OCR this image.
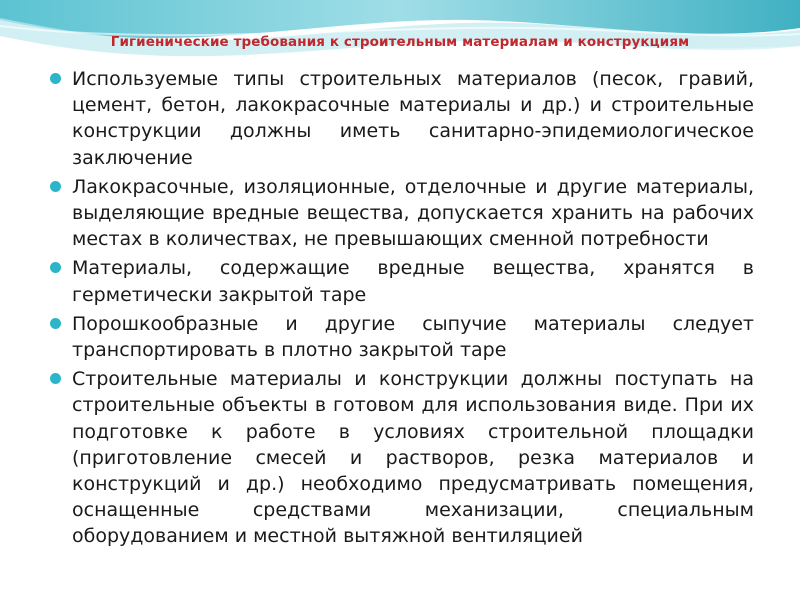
Гигиенические требования к строительным материалам и конструкциям
Используемые типы строительных материалов (песок, гравий, цемент, бетон, лакокрасочные материалы и др.) и строительные конструкции должны иметь санитарно-эпидемиологическое заключение
Лакокрасочные, изоляционные, отделочные и другие материалы, выделяющие вредные вещества, допускается хранить на рабочих местах в количествах, не превышающих сменной потребности
Материалы, содержащие вредные вещества, хранятся в герметически закрытой таре
Порошкообразные и другие сыпучие материалы следует транспортировать в плотно закрытой таре
Строительные материалы и конструкции должны поступать на строительные объекты в готовом для использования виде. При их подготовке к работе в условиях строительной площадки (приготовление смесей и растворов, резка материалов и конструкций и др.) необходимо предусматривать помещения, оснащенные средствами механизации, специальным оборудованием и местной вытяжной вентиляцией
